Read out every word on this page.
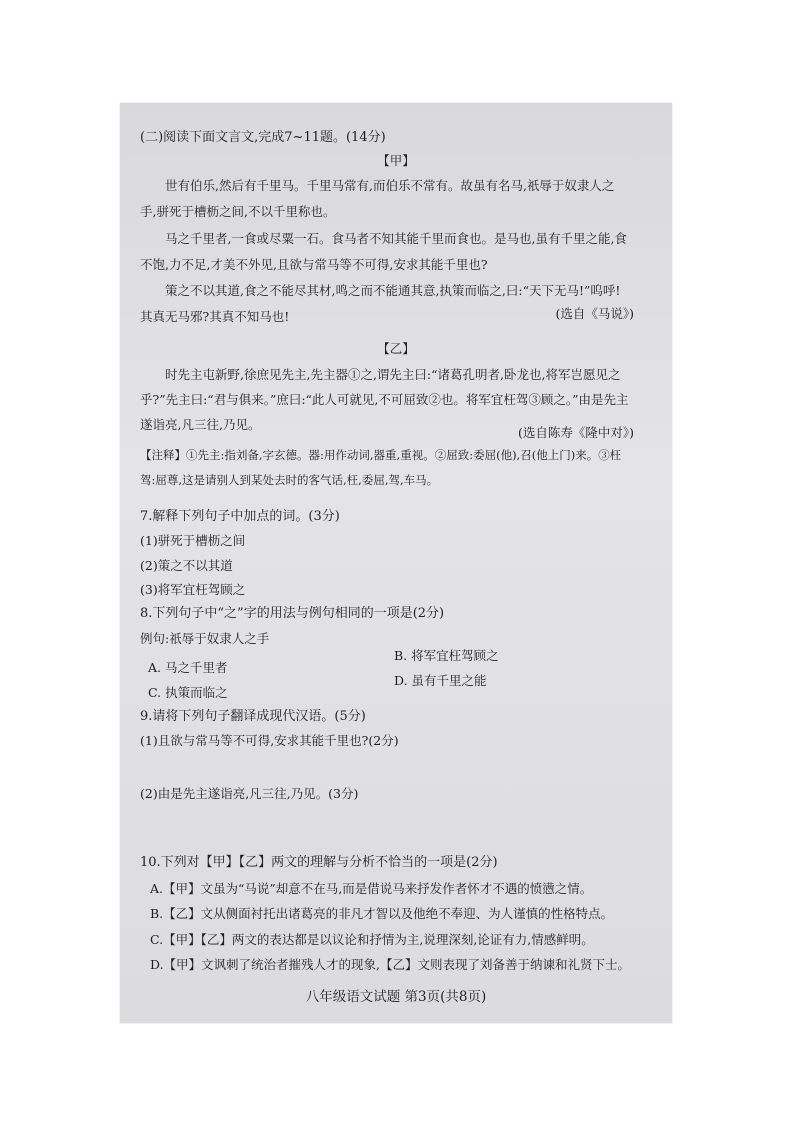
(二)阅读下面文言文,完成7~11题。(14分)
【甲】
世有伯乐,然后有千里马。千里马常有,而伯乐不常有。故虽有名马,祇辱于奴隶人之
手,骈死于槽枥之间,不以千里称也。
马之千里者,一食或尽粟一石。食马者不知其能千里而食也。是马也,虽有千里之能,食
不饱,力不足,才美不外见,且欲与常马等不可得,安求其能千里也?
策之不以其道,食之不能尽其材,鸣之而不能通其意,执策而临之,曰:“天下无马!”呜呼!
其真无马邪?其真不知马也!	(选自《马说》)
【乙】
时先主屯新野,徐庶见先主,先主器①之,谓先主曰:“诸葛孔明者,卧龙也,将军岂愿见之
乎?”先主曰:“君与俱来。”庶曰:“此人可就见,不可屈致②也。将军宜枉驾③顾之。”由是先主
遂诣亮,凡三往,乃见。
(选自陈寿《隆中对》)
【注释】①先主:指刘备,字玄德。器:用作动词,器重,重视。②屈致:委屈(他),召(他上门)来。③枉
驾:屈尊,这是请别人到某处去时的客气话,枉,委屈,驾,车马。
7.解释下列句子中加点的词。(3分)
(1)骈死于槽枥之间
(2)策之不以其道
(3)将军宜枉驾顾之
8.下列句子中“之”字的用法与例句相同的一项是(2分)
例句:祇辱于奴隶人之手
A. 马之千里者
B. 将军宜枉驾顾之
C. 执策而临之
D. 虽有千里之能
9.请将下列句子翻译成现代汉语。(5分)
(1)且欲与常马等不可得,安求其能千里也?(2分)
(2)由是先主遂诣亮,凡三往,乃见。(3分)
10.下列对【甲】【乙】两文的理解与分析不恰当的一项是(2分)
A.【甲】文虽为“马说”却意不在马,而是借说马来抒发作者怀才不遇的愤懑之情。
B.【乙】文从侧面衬托出诸葛亮的非凡才智以及他绝不奉迎、为人谨慎的性格特点。
C.【甲】【乙】两文的表达都是以议论和抒情为主,说理深刻,论证有力,情感鲜明。
D.【甲】文讽刺了统治者摧残人才的现象,【乙】文则表现了刘备善于纳谏和礼贤下士。
八年级语文试题 第3页(共8页)
